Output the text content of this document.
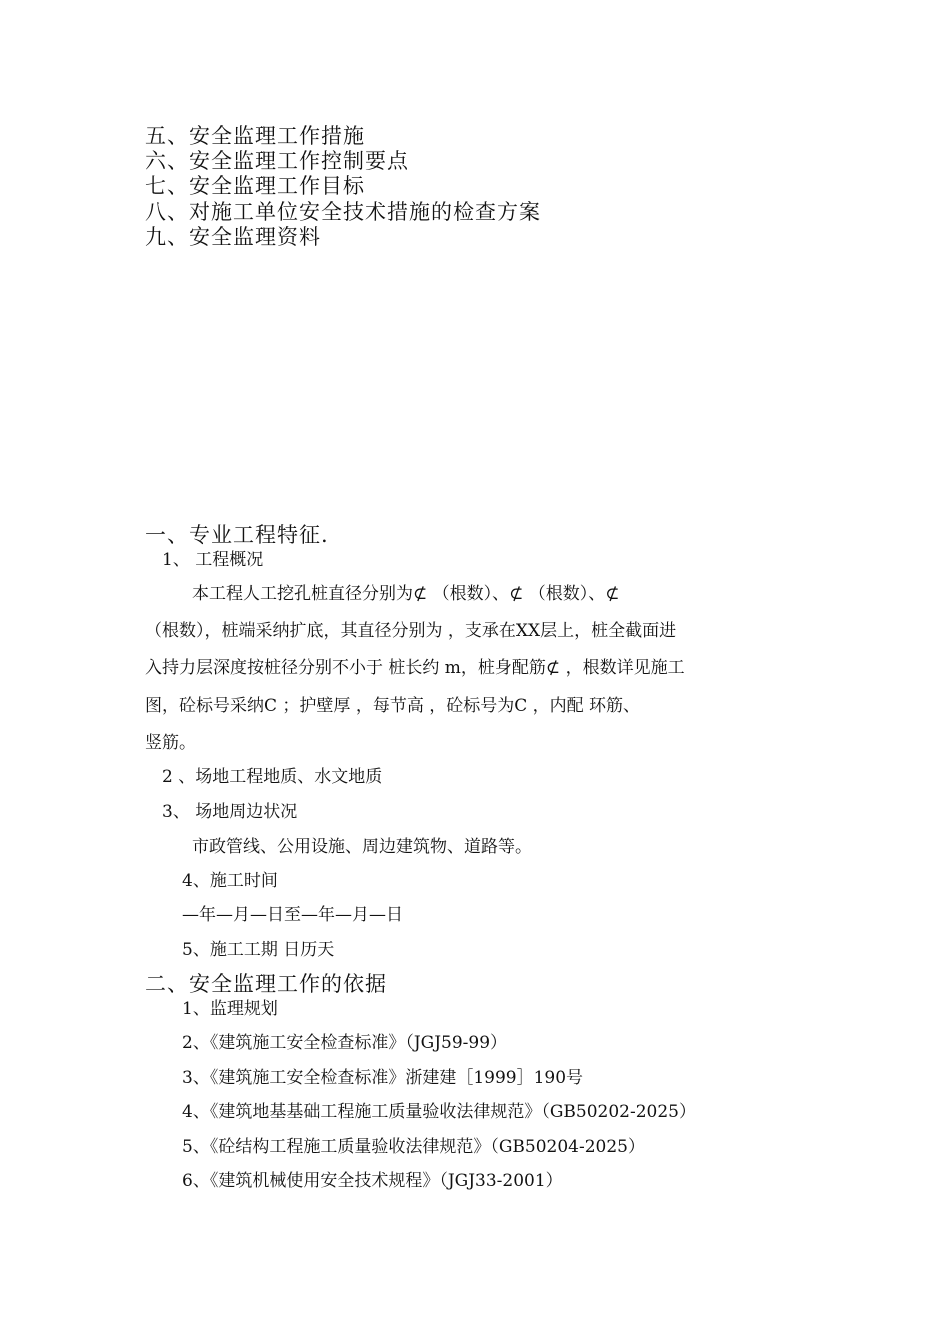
五、安全监理工作措施
六、安全监理工作控制要点
七、安全监理工作目标
八、对施工单位安全技术措施的检查方案
九、安全监理资料
一、专业工程特征.
1、 工程概况
本工程人工挖孔桩直径分别为⊄ （根数）、⊄ （根数）、⊄
（根数），桩端采纳扩底，其直径分别为 ，支承在XX层上，桩全截面进
入持力层深度按桩径分别不小于 桩长约 m，桩身配筋⊄ ，根数详见施工
图，砼标号采纳C ；护壁厚 ，每节高 ，砼标号为C ，内配 环筋、
竖筋。
2 、场地工程地质、水文地质
3、 场地周边状况
市政管线、公用设施、周边建筑物、道路等。
4、施工时间
—年—月—日至—年—月—日
5、施工工期 日历天
二、安全监理工作的依据
1、监理规划
2、《建筑施工安全检查标准》（JGJ59-99）
3、《建筑施工安全检查标准》浙建建［1999］190号
4、《建筑地基基础工程施工质量验收法律规范》（GB50202-2025）
5、《砼结构工程施工质量验收法律规范》（GB50204-2025）
6、《建筑机械使用安全技术规程》（JGJ33-2001）
